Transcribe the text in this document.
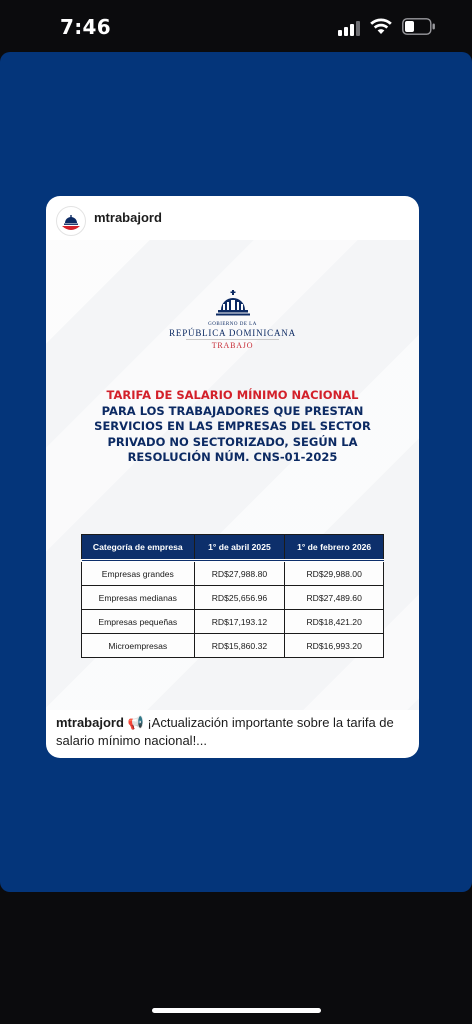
7:46
mtrabajord
GOBIERNO DE LA
REPÚBLICA DOMINICANA
TRABAJO
TARIFA DE SALARIO MÍNIMO NACIONAL
PARA LOS TRABAJADORES QUE PRESTAN SERVICIOS EN LAS EMPRESAS DEL SECTOR PRIVADO NO SECTORIZADO, SEGÚN LA RESOLUCIÓN NÚM. CNS-01-2025
Categoría de empresa	1° de abril 2025	1° de febrero 2026
Empresas grandes	RD$27,988.80	RD$29,988.00
Empresas medianas	RD$25,656.96	RD$27,489.60
Empresas pequeñas	RD$17,193.12	RD$18,421.20
Microempresas	RD$15,860.32	RD$16,993.20
mtrabajord 📢 ¡Actualización importante sobre la tarifa de salario mínimo nacional!...
